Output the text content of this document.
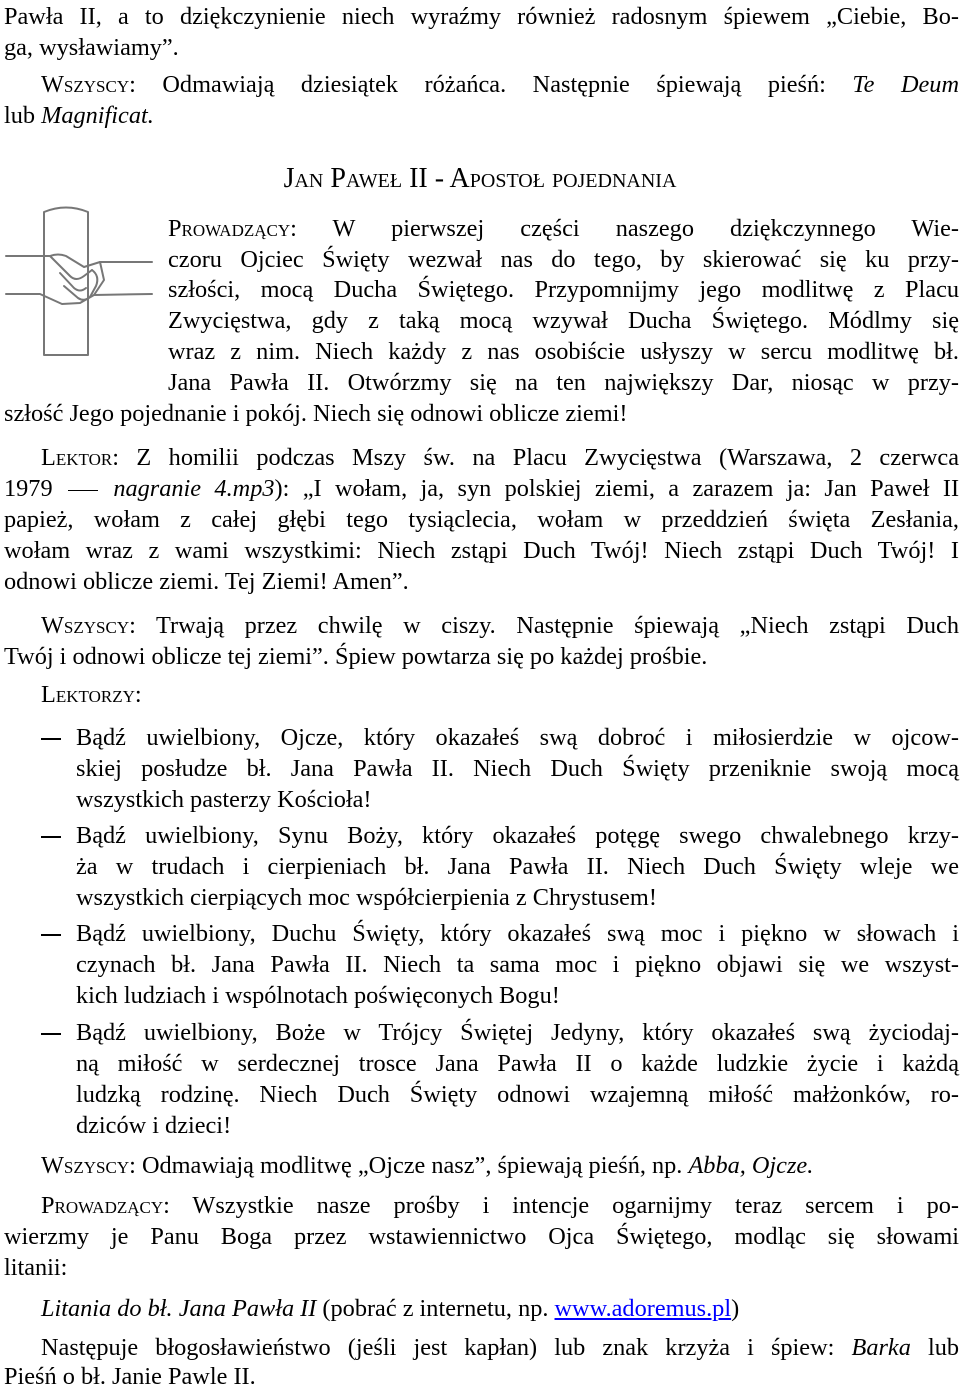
Pawła II, a to dziękczynienie niech wyraźmy również radosnym śpiewem „Ciebie, Bo-
ga, wysławiamy”.
Wszyscy: Odmawiają dziesiątek różańca. Następnie śpiewają pieśń: Te Deum
lub Magnificat.
Jan Paweł II - Apostoł pojednania
Prowadzący: W pierwszej części naszego dziękczynnego Wie-
czoru Ojciec Święty wezwał nas do tego, by skierować się ku przy-
szłości, mocą Ducha Świętego. Przypomnijmy jego modlitwę z Placu
Zwycięstwa, gdy z taką mocą wzywał Ducha Świętego. Módlmy się
wraz z nim. Niech każdy z nas osobiście usłyszy w sercu modlitwę bł.
Jana Pawła II. Otwórzmy się na ten największy Dar, niosąc w przy-
szłość Jego pojednanie i pokój. Niech się odnowi oblicze ziemi!
Lektor: Z homilii podczas Mszy św. na Placu Zwycięstwa (Warszawa, 2 czerwca
1979  nagranie 4.mp3): „I wołam, ja, syn polskiej ziemi, a zarazem ja: Jan Paweł II
papież, wołam z całej głębi tego tysiąclecia, wołam w przeddzień święta Zesłania,
wołam wraz z wami wszystkimi: Niech zstąpi Duch Twój! Niech zstąpi Duch Twój! I
odnowi oblicze ziemi. Tej Ziemi! Amen”.
Wszyscy: Trwają przez chwilę w ciszy. Następnie śpiewają „Niech zstąpi Duch
Twój i odnowi oblicze tej ziemi”. Śpiew powtarza się po każdej prośbie.
Lektorzy:
Bądź uwielbiony, Ojcze, który okazałeś swą dobroć i miłosierdzie w ojcow-
skiej posłudze bł. Jana Pawła II. Niech Duch Święty przeniknie swoją mocą
wszystkich pasterzy Kościoła!
Bądź uwielbiony, Synu Boży, który okazałeś potęgę swego chwalebnego krzy-
ża w trudach i cierpieniach bł. Jana Pawła II. Niech Duch Święty wleje we
wszystkich cierpiących moc współcierpienia z Chrystusem!
Bądź uwielbiony, Duchu Święty, który okazałeś swą moc i piękno w słowach i
czynach bł. Jana Pawła II. Niech ta sama moc i piękno objawi się we wszyst-
kich ludziach i wspólnotach poświęconych Bogu!
Bądź uwielbiony, Boże w Trójcy Świętej Jedyny, który okazałeś swą życiodaj-
ną miłość w serdecznej trosce Jana Pawła II o każde ludzkie życie i każdą
ludzką rodzinę. Niech Duch Święty odnowi wzajemną miłość małżonków, ro-
dziców i dzieci!
Wszyscy: Odmawiają modlitwę „Ojcze nasz”, śpiewają pieśń, np. Abba, Ojcze.
Prowadzący: Wszystkie nasze prośby i intencje ogarnijmy teraz sercem i po-
wierzmy je Panu Boga przez wstawiennictwo Ojca Świętego, modląc się słowami
litanii:
Litania do bł. Jana Pawła II (pobrać z internetu, np. www.adoremus.pl)
Następuje błogosławieństwo (jeśli jest kapłan) lub znak krzyża i śpiew: Barka lub
Pieśń o bł. Janie Pawle II.
